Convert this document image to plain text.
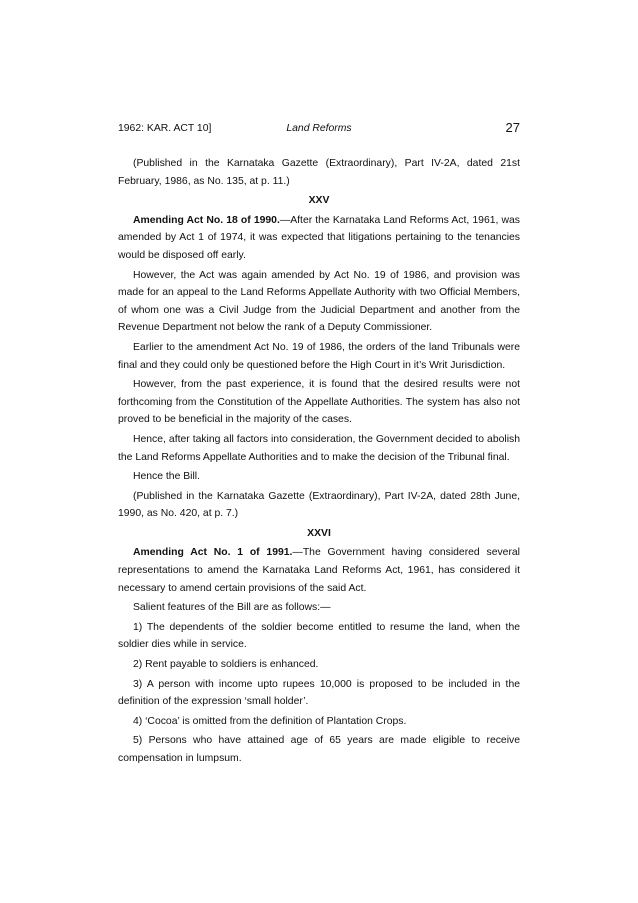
1962: KAR. ACT 10]	Land Reforms	27

(Published in the Karnataka Gazette (Extraordinary), Part IV-2A, dated 21st February, 1986, as No. 135, at p. 11.)

XXV

Amending Act No. 18 of 1990.—After the Karnataka Land Reforms Act, 1961, was amended by Act 1 of 1974, it was expected that litigations pertaining to the tenancies would be disposed off early.

However, the Act was again amended by Act No. 19 of 1986, and provision was made for an appeal to the Land Reforms Appellate Authority with two Official Members, of whom one was a Civil Judge from the Judicial Department and another from the Revenue Department not below the rank of a Deputy Commissioner.

Earlier to the amendment Act No. 19 of 1986, the orders of the land Tribunals were final and they could only be questioned before the High Court in it’s Writ Jurisdiction.

However, from the past experience, it is found that the desired results were not forthcoming from the Constitution of the Appellate Authorities. The system has also not proved to be beneficial in the majority of the cases.

Hence, after taking all factors into consideration, the Government decided to abolish the Land Reforms Appellate Authorities and to make the decision of the Tribunal final.

Hence the Bill.

(Published in the Karnataka Gazette (Extraordinary), Part IV-2A, dated 28th June, 1990, as No. 420, at p. 7.)

XXVI

Amending Act No. 1 of 1991.—The Government having considered several representations to amend the Karnataka Land Reforms Act, 1961, has considered it necessary to amend certain provisions of the said Act.

Salient features of the Bill are as follows:—

1) The dependents of the soldier become entitled to resume the land, when the soldier dies while in service.

2) Rent payable to soldiers is enhanced.

3) A person with income upto rupees 10,000 is proposed to be included in the definition of the expression ‘small holder’.

4) ‘Cocoa’ is omitted from the definition of Plantation Crops.

5) Persons who have attained age of 65 years are made eligible to receive compensation in lumpsum.
